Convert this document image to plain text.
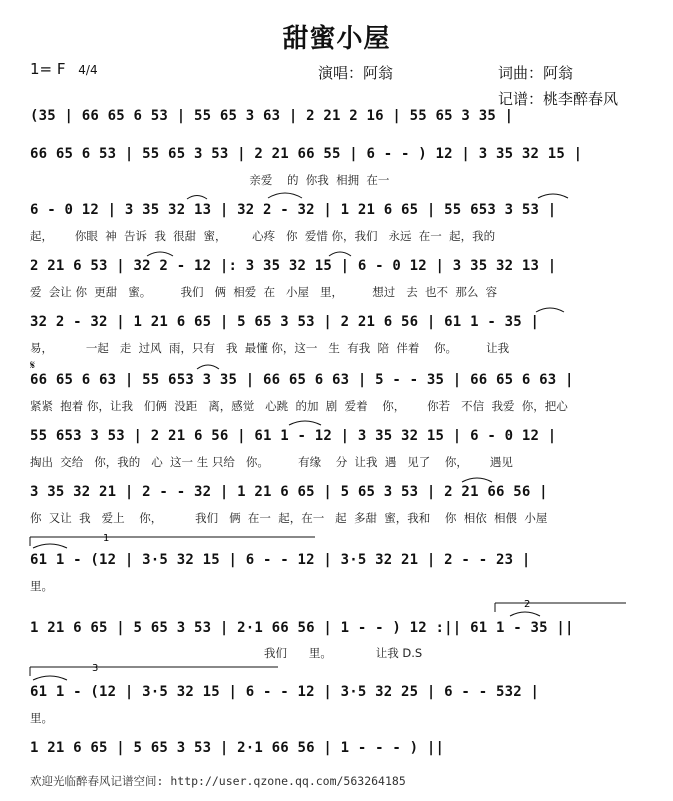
甜蜜小屋
1= F 4/4	演唱：阿翁	词曲：阿翁
记谱：桃李醉春风
(35 | 66 65 6 53 | 55 65 3 63 | 2 21 2 16 | 55 65 3 35 |
66 65 6 53 | 55 65 3 53 | 2 21 66 55 | 6 - - ) 12 | 3 35 32 15 |
亲爱    的  你我  相拥  在一
6 - 0 12 | 3 35 32 13 | 32 2 - 32 | 1 21 6 65 | 55 653 3 53 |
起，      你眼  神  告诉  我  很甜  蜜，       心疼   你  爱惜 你，我们   永远  在一  起，我的
2 21 6 53 | 32 2 - 12 |: 3 35 32 15 | 6 - 0 12 | 3 35 32 13 |
爱  会让 你  更甜   蜜。        我们   俩  相爱  在   小屋   里，        想过   去  也不  那么  容
32 2 - 32 | 1 21 6 65 | 5 65 3 53 | 2 21 6 56 | 61 1 - 35 |
易，         一起   走  过风  雨，只有   我  最懂 你，这一   生  有我  陪  伴着    你。        让我
𝄋
66 65 6 63 | 55 653 3 35 | 66 65 6 63 | 5 - - 35 | 66 65 6 63 |
紧紧  抱着 你，让我   们俩  没距   离，感觉   心跳  的加  剧  爱着    你，      你若   不信  我爱  你，把心
55 653 3 53 | 2 21 6 56 | 61 1 - 12 | 3 35 32 15 | 6 - 0 12 |
掏出  交给   你，我的   心  这一 生 只给   你。        有缘    分  让我  遇   见了    你，      遇见
3 35 32 21 | 2 - - 32 | 1 21 6 65 | 5 65 3 53 | 2 21 66 56 |
你  又让  我   爱上    你，         我们   俩  在一  起，在一   起  多甜  蜜，我和    你  相依  相偎  小屋
61 1 - (12 | 3·5 32 15 | 6 - - 12 | 3·5 32 21 | 2 - - 23 |
里。
1 21 6 65 | 5 65 3 53 | 2·1 66 56 | 1 - - ) 12 :|| 61 1 - 35 ||
我们      里。            让我 D.S
61 1 - (12 | 3·5 32 15 | 6 - - 12 | 3·5 32 25 | 6 - - 532 |
里。
1 21 6 65 | 5 65 3 53 | 2·1 66 56 | 1 - - - ) ||
欢迎光临醉春风记谱空间: http://user.qzone.qq.com/563264185
1
2
3
